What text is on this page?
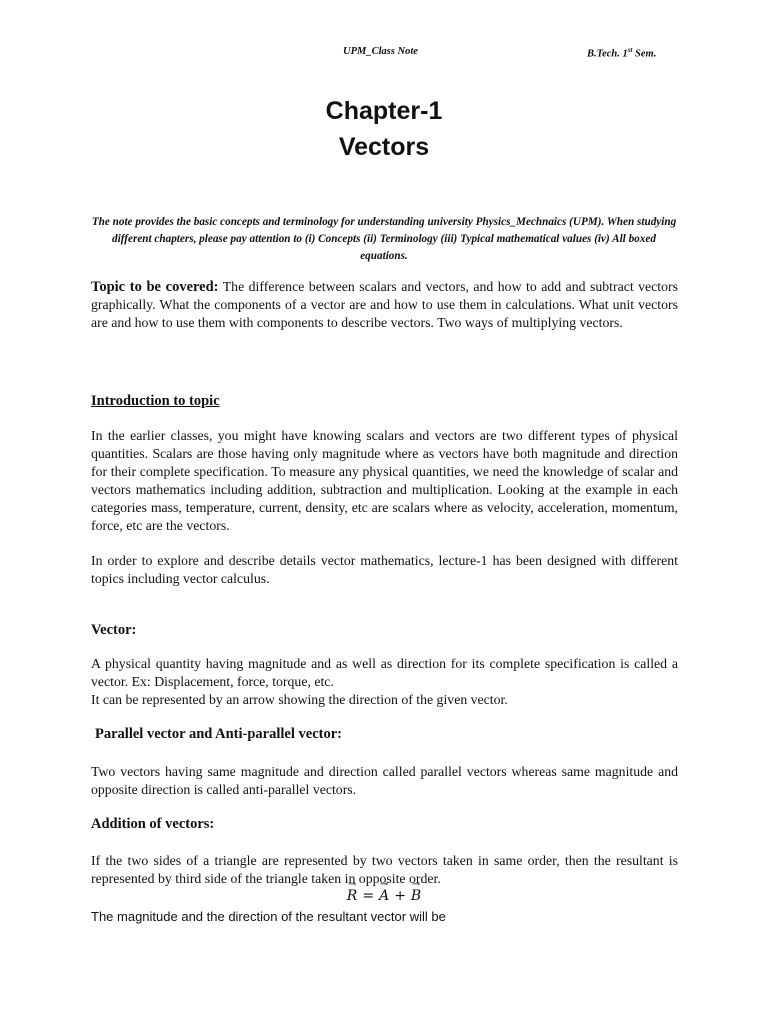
UPM_Class Note	B.Tech. 1st Sem.
Chapter-1
Vectors
The note provides the basic concepts and terminology for understanding university Physics_Mechnaics (UPM). When studying different chapters, please pay attention to (i) Concepts (ii) Terminology (iii) Typical mathematical values (iv) All boxed equations.
Topic to be covered: The difference between scalars and vectors, and how to add and subtract vectors graphically. What the components of a vector are and how to use them in calculations. What unit vectors are and how to use them with components to describe vectors. Two ways of multiplying vectors.
Introduction to topic
In the earlier classes, you might have knowing scalars and vectors are two different types of physical quantities. Scalars are those having only magnitude where as vectors have both magnitude and direction for their complete specification. To measure any physical quantities, we need the knowledge of scalar and vectors mathematics including addition, subtraction and multiplication. Looking at the example in each categories mass, temperature, current, density, etc are scalars where as velocity, acceleration, momentum, force, etc are the vectors.
In order to explore and describe details vector mathematics, lecture-1 has been designed with different topics including vector calculus.
Vector:
A physical quantity having magnitude and as well as direction for its complete specification is called a vector. Ex: Displacement, force, torque, etc.
It can be represented by an arrow showing the direction of the given vector.
Parallel vector and Anti-parallel vector:
Two vectors having same magnitude and direction called parallel vectors whereas same magnitude and opposite direction is called anti-parallel vectors.
Addition of vectors:
If the two sides of a triangle are represented by two vectors taken in same order, then the resultant is represented by third side of the triangle taken in opposite order.
→ R = → A + → B
The magnitude and the direction of the resultant vector will be
